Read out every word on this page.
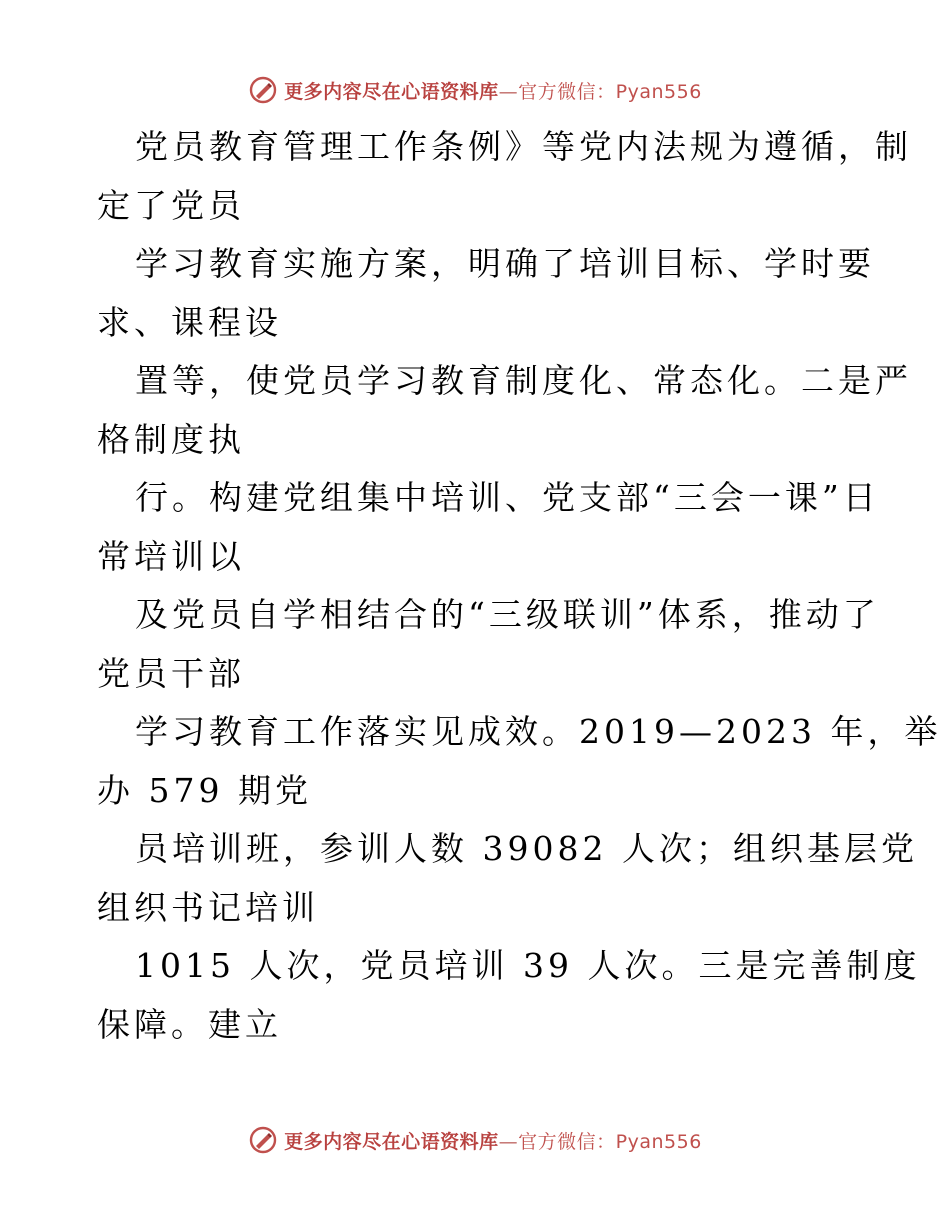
更多内容尽在心语资料库—官方微信：Pyan556
党员教育管理工作条例》等党内法规为遵循，制
定了党员
学习教育实施方案，明确了培训目标、学时要
求、课程设
置等，使党员学习教育制度化、常态化。二是严
格制度执
行。构建党组集中培训、党支部“三会一课”日
常培训以
及党员自学相结合的“三级联训”体系，推动了
党员干部
学习教育工作落实见成效。2019—2023 年，举
办 579 期党
员培训班，参训人数 39082 人次；组织基层党
组织书记培训
1015 人次，党员培训 39 人次。三是完善制度
保障。建立
更多内容尽在心语资料库—官方微信：Pyan556
